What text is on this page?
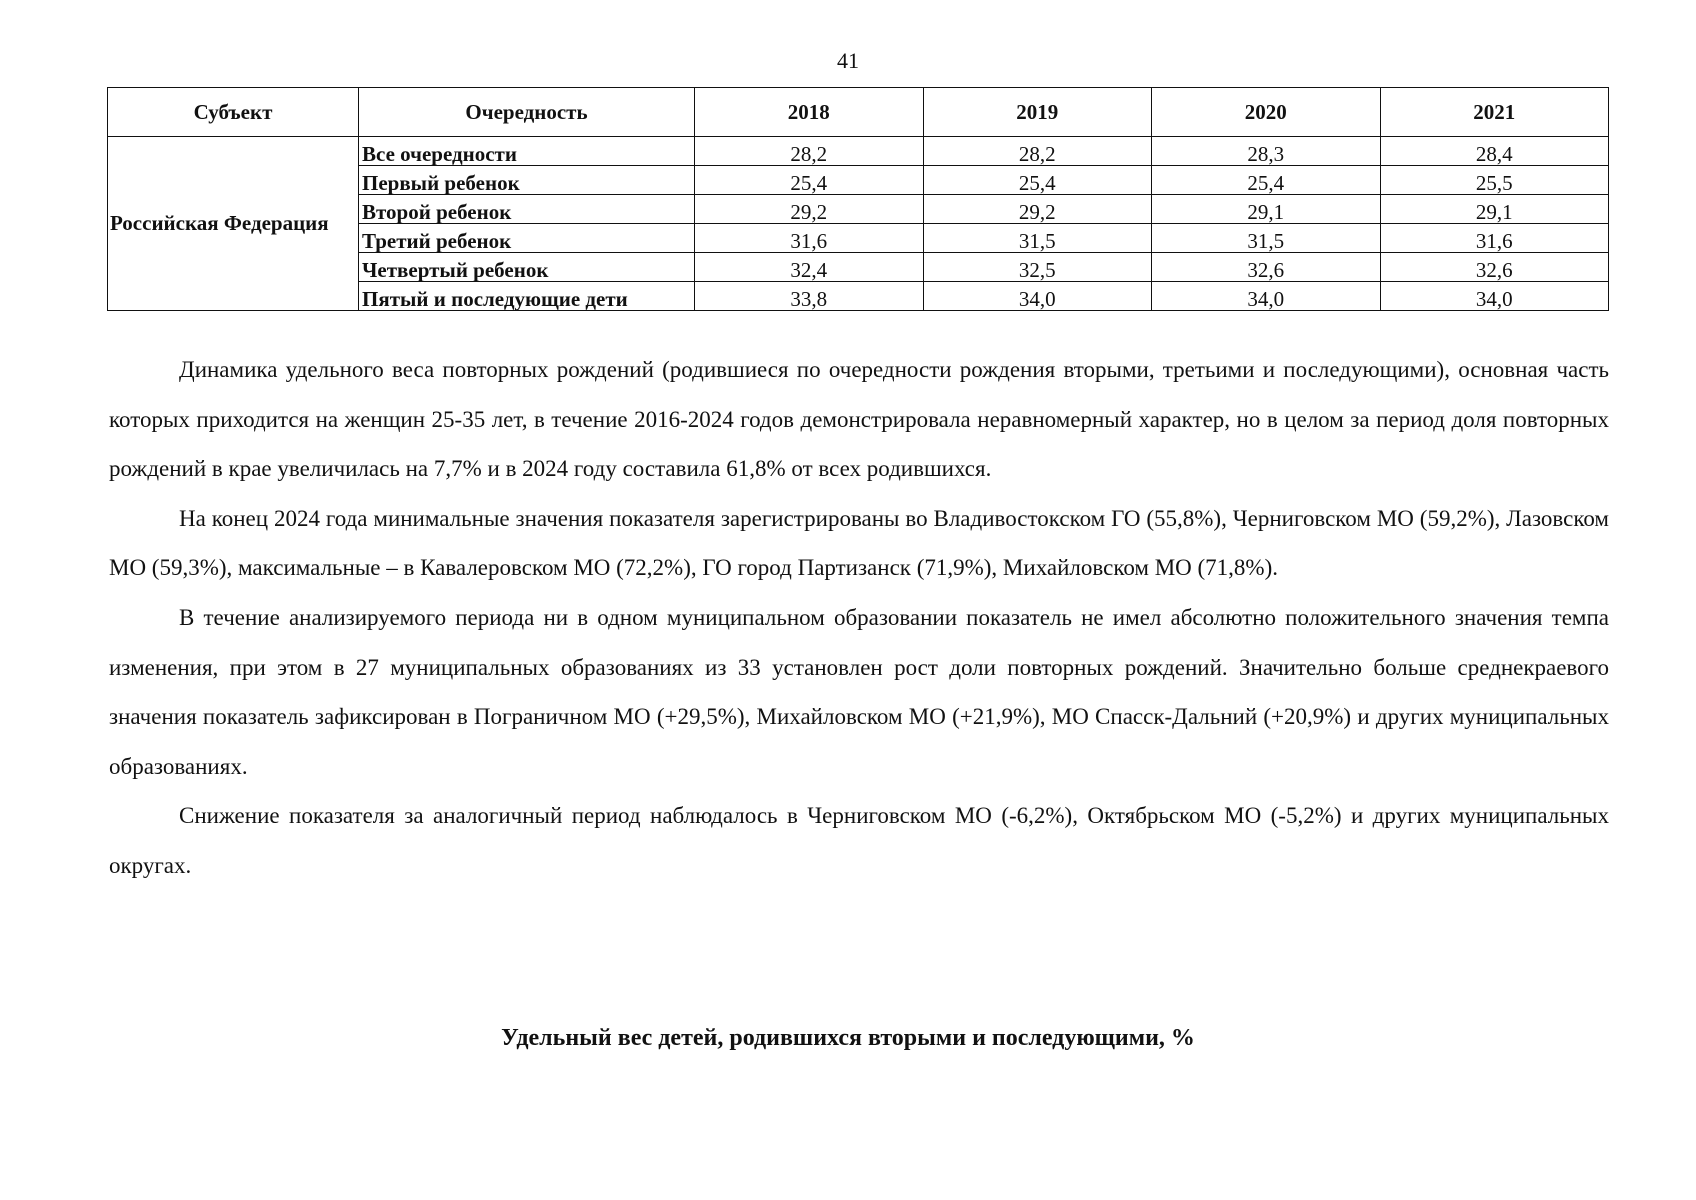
41
Субъект	Очередность	2018	2019	2020	2021
Российская Федерация	Все очередности	28,2	28,2	28,3	28,4
	Первый ребенок	25,4	25,4	25,4	25,5
	Второй ребенок	29,2	29,2	29,1	29,1
	Третий ребенок	31,6	31,5	31,5	31,6
	Четвертый ребенок	32,4	32,5	32,6	32,6
	Пятый и последующие дети	33,8	34,0	34,0	34,0

Динамика удельного веса повторных рождений (родившиеся по очередности рождения вторыми, третьими и последующими), основная часть которых приходится на женщин 25-35 лет, в течение 2016-2024 годов демонстрировала неравномерный характер, но в целом за период доля повторных рождений в крае увеличилась на 7,7% и в 2024 году составила 61,8% от всех родившихся.

На конец 2024 года минимальные значения показателя зарегистрированы во Владивостокском ГО (55,8%), Черниговском МО (59,2%), Лазовском МО (59,3%), максимальные – в Кавалеровском МО (72,2%), ГО город Партизанск (71,9%), Михайловском МО (71,8%).

В течение анализируемого периода ни в одном муниципальном образовании показатель не имел абсолютно положительного значения темпа изменения, при этом в 27 муниципальных образованиях из 33 установлен рост доли повторных рождений. Значительно больше среднекраевого значения показатель зафиксирован в Пограничном МО (+29,5%), Михайловском МО (+21,9%), МО Спасск-Дальний (+20,9%) и других муниципальных образованиях.

Снижение показателя за аналогичный период наблюдалось в Черниговском МО (-6,2%), Октябрьском МО (-5,2%) и других муниципальных округах.

Удельный вес детей, родившихся вторыми и последующими, %
